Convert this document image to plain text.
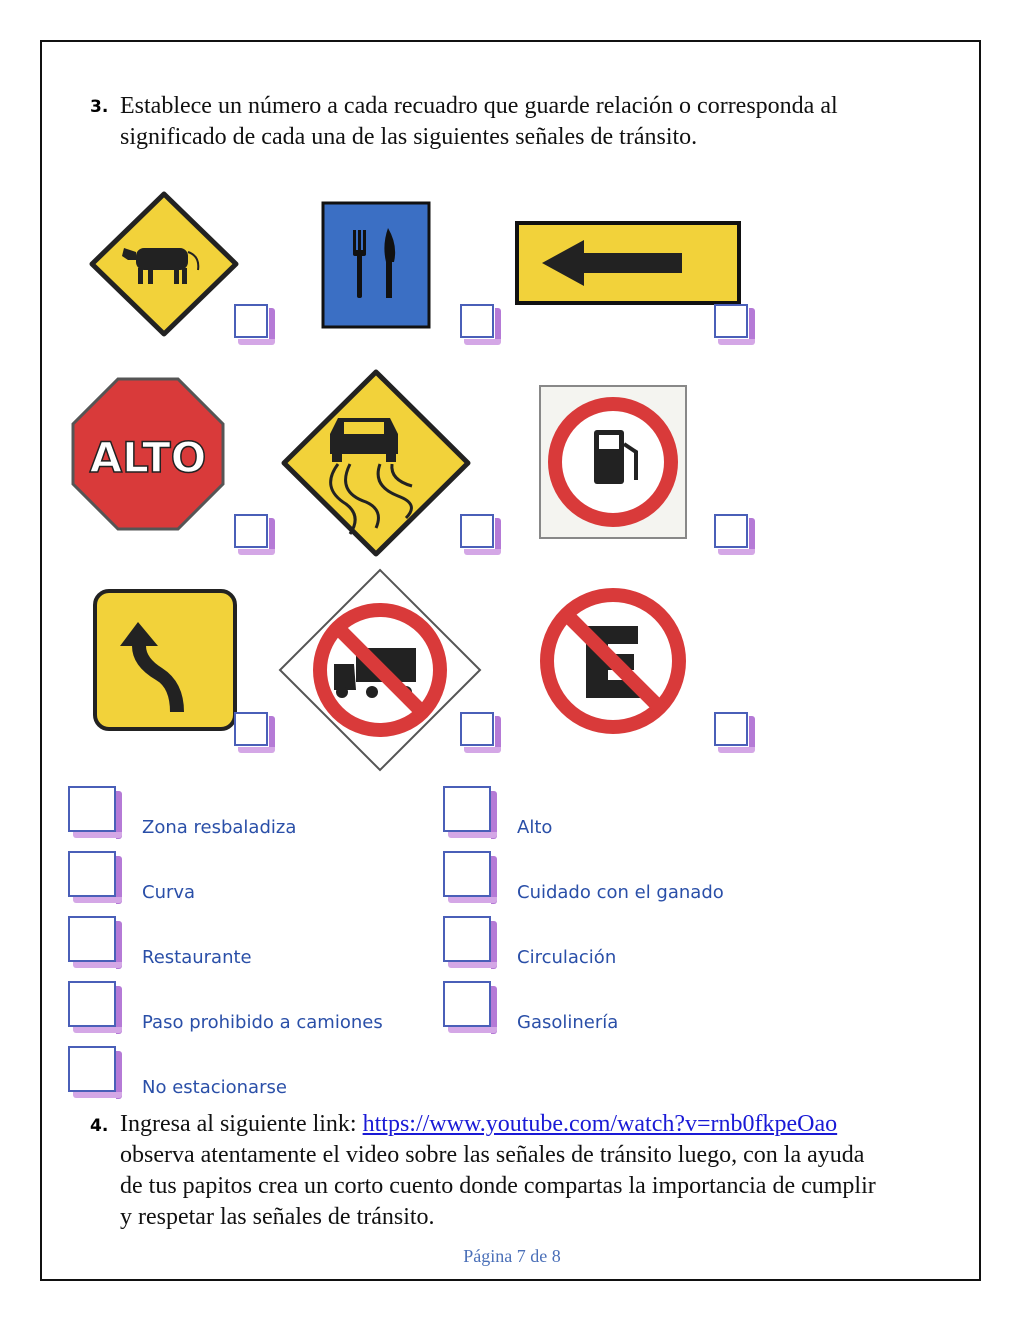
3. Establece un número a cada recuadro que guarde relación o corresponda al
significado de cada una de las siguientes señales de tránsito.
ALTO
Zona resbaladiza	Alto
Curva	Cuidado con el ganado
Restaurante	Circulación
Paso prohibido a camiones	Gasolinería
No estacionarse
4. Ingresa al siguiente link: https://www.youtube.com/watch?v=rnb0fkpeOao
observa atentamente el video sobre las señales de tránsito luego, con la ayuda
de tus papitos crea un corto cuento donde compartas la importancia de cumplir
y respetar las señales de tránsito.
Página 7 de 8
